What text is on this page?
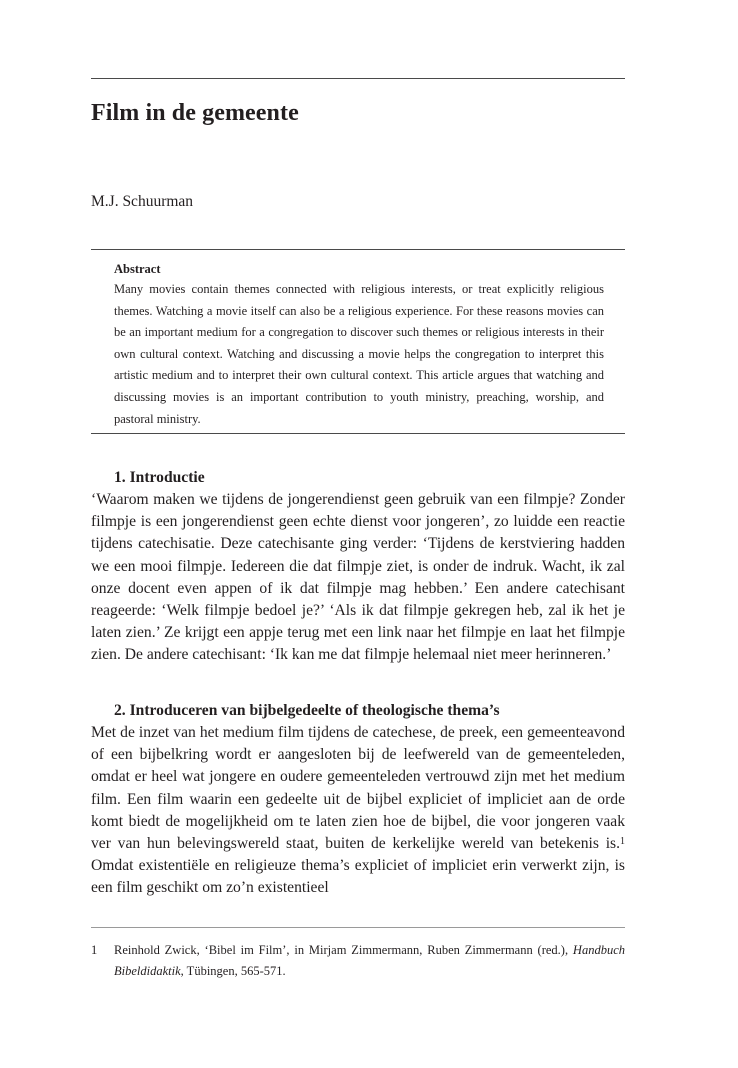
Film in de gemeente

M.J. Schuurman

Abstract

Many movies contain themes connected with religious interests, or treat explicitly religious themes. Watching a movie itself can also be a religious experience. For these reasons movies can be an important medium for a congregation to discover such themes or religious interests in their own cultural context. Watching and discussing a movie helps the congregation to interpret this artistic medium and to interpret their own cultural context. This article argues that watching and discussing movies is an important contribution to youth ministry, preaching, worship, and pastoral ministry.

1. Introductie

‘Waarom maken we tijdens de jongerendienst geen gebruik van een filmpje? Zonder filmpje is een jongerendienst geen echte dienst voor jongeren’, zo luidde een reactie tijdens catechisatie. Deze catechisante ging verder: ‘Tijdens de kerstviering hadden we een mooi filmpje. Iedereen die dat filmpje ziet, is onder de indruk. Wacht, ik zal onze docent even appen of ik dat filmpje mag hebben.’ Een andere catechisant reageerde: ‘Welk filmpje bedoel je?’ ‘Als ik dat filmpje gekregen heb, zal ik het je laten zien.’ Ze krijgt een appje terug met een link naar het filmpje en laat het filmpje zien. De andere catechisant: ‘Ik kan me dat filmpje helemaal niet meer herinneren.’

2. Introduceren van bijbelgedeelte of theologische thema’s

Met de inzet van het medium film tijdens de catechese, de preek, een gemeenteavond of een bijbelkring wordt er aangesloten bij de leefwereld van de gemeenteleden, omdat er heel wat jongere en oudere gemeenteleden vertrouwd zijn met het medium film. Een film waarin een gedeelte uit de bijbel expliciet of impliciet aan de orde komt biedt de mogelijkheid om te laten zien hoe de bijbel, die voor jongeren vaak ver van hun belevingswereld staat, buiten de kerkelijke wereld van betekenis is.$^1$ Omdat existentiële en religieuze thema’s expliciet of impliciet erin verwerkt zijn, is een film geschikt om zo’n existentieel

1 Reinhold Zwick, ‘Bibel im Film’, in Mirjam Zimmermann, Ruben Zimmermann (red.), Handbuch Bibeldidaktik, Tübingen, 565-571.
